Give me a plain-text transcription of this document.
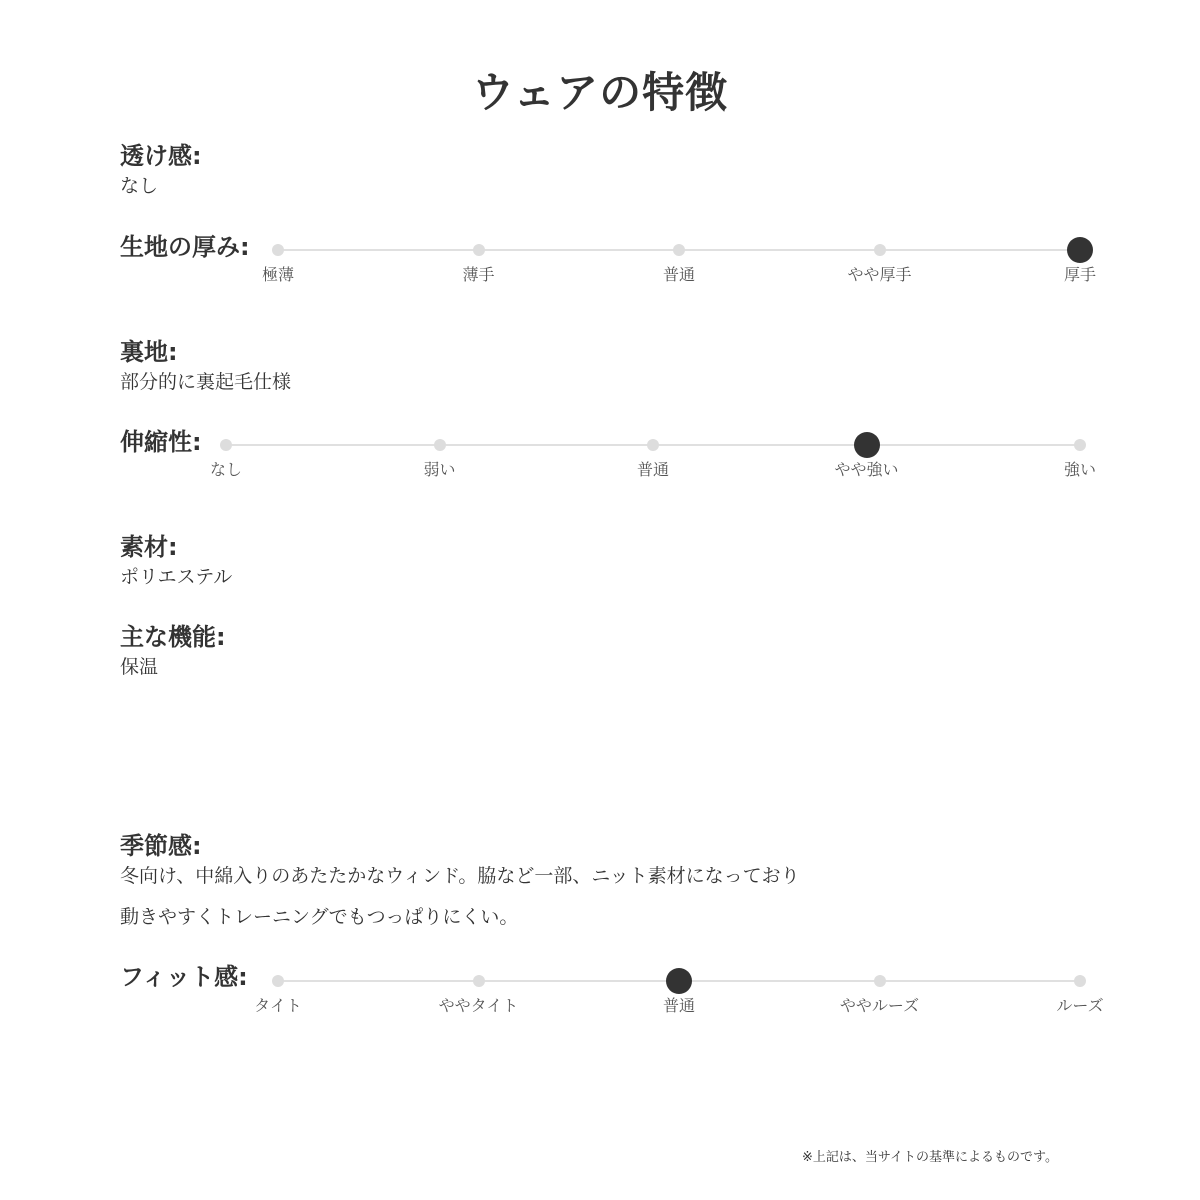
ウェアの特徴
透け感:
なし
生地の厚み:
極薄	薄手	普通	やや厚手	厚手
裏地:
部分的に裏起毛仕様
伸縮性:
なし	弱い	普通	やや強い	強い
素材:
ポリエステル
主な機能:
保温
季節感:
冬向け、中綿入りのあたたかなウィンド。脇など一部、ニット素材になっており
動きやすくトレーニングでもつっぱりにくい。
フィット感:
タイト	ややタイト	普通	ややルーズ	ルーズ
※上記は、当サイトの基準によるものです。
